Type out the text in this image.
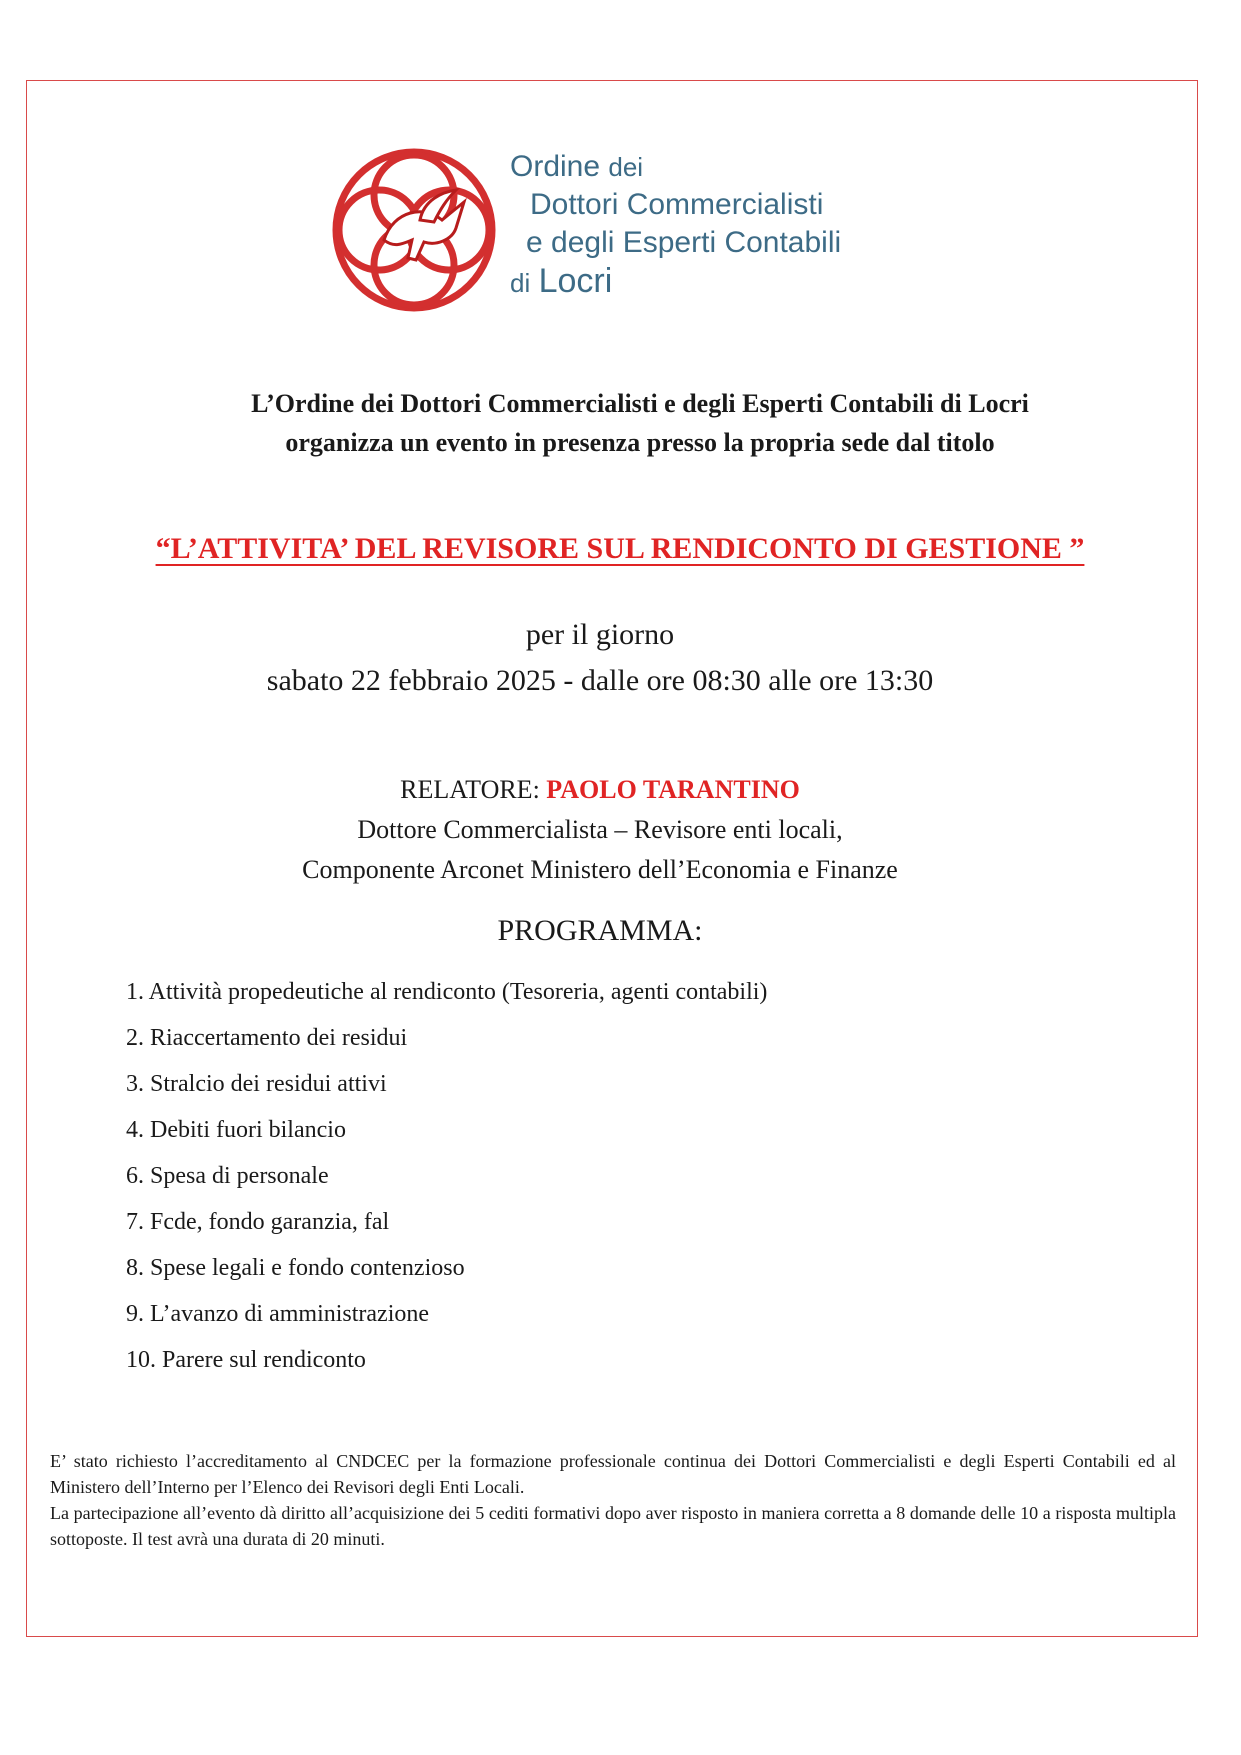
Ordine dei
Dottori Commercialisti
e degli Esperti Contabili
di Locri
L’Ordine dei Dottori Commercialisti e degli Esperti Contabili di Locri
organizza un evento in presenza presso la propria sede dal titolo
“L’ATTIVITA’ DEL REVISORE SUL RENDICONTO DI GESTIONE ”
per il giorno
sabato 22 febbraio 2025 - dalle ore 08:30 alle ore 13:30
RELATORE: PAOLO TARANTINO
Dottore Commercialista – Revisore enti locali,
Componente Arconet Ministero dell’Economia e Finanze
PROGRAMMA:
1. Attività propedeutiche al rendiconto (Tesoreria, agenti contabili)
2. Riaccertamento dei residui
3. Stralcio dei residui attivi
4. Debiti fuori bilancio
6. Spesa di personale
7. Fcde, fondo garanzia, fal
8. Spese legali e fondo contenzioso
9. L’avanzo di amministrazione
10. Parere sul rendiconto

E’ stato richiesto l’accreditamento al CNDCEC per la formazione professionale continua dei Dottori Commercialisti e degli Esperti Contabili ed al Ministero dell’Interno per l’Elenco dei Revisori degli Enti Locali.

La partecipazione all’evento dà diritto all’acquisizione dei 5 cediti formativi dopo aver risposto in maniera corretta a 8 domande delle 10 a risposta multipla sottoposte. Il test avrà una durata di 20 minuti.
